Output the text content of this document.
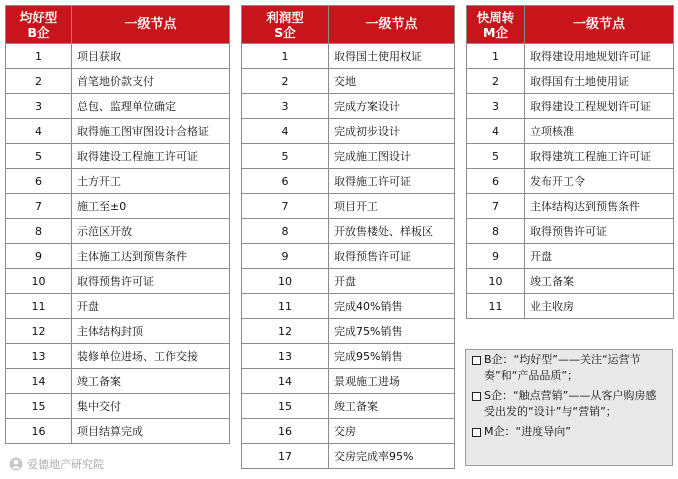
均好型
B企	一级节点
1	项目获取
2	首笔地价款支付
3	总包、监理单位确定
4	取得施工图审图设计合格证
5	取得建设工程施工许可证
6	土方开工
7	施工至±0
8	示范区开放
9	主体施工达到预售条件
10	取得预售许可证
11	开盘
12	主体结构封顶
13	装修单位进场、工作交接
14	竣工备案
15	集中交付
16	项目结算完成
利润型
S企	一级节点
1	取得国土使用权证
2	交地
3	完成方案设计
4	完成初步设计
5	完成施工图设计
6	取得施工许可证
7	项目开工
8	开放售楼处、样板区
9	取得预售许可证
10	开盘
11	完成40%销售
12	完成75%销售
13	完成95%销售
14	景观施工进场
15	竣工备案
16	交房
17	交房完成率95%
快周转
M企	一级节点
1	取得建设用地规划许可证
2	取得国有土地使用证
3	取得建设工程规划许可证
4	立项核准
5	取得建筑工程施工许可证
6	发布开工令
7	主体结构达到预售条件
8	取得预售许可证
9	开盘
10	竣工备案
11	业主收房
B企：“均好型”——关注“运营节奏”和“产品品质”；
S企：“触点营销”——从客户购房感受出发的“设计”与“营销”；
M企：“进度导向”
爱德地产研究院
